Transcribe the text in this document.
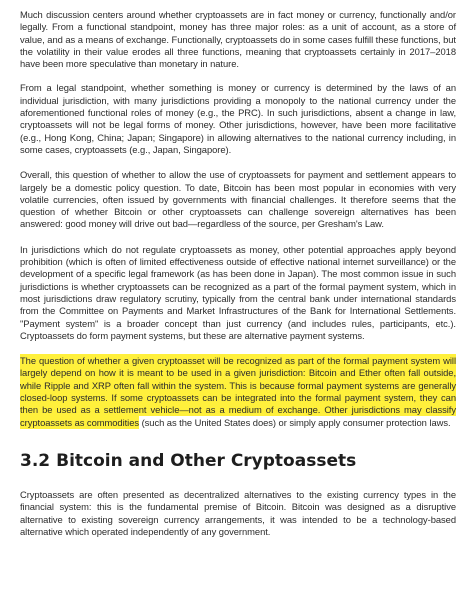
Much discussion centers around whether cryptoassets are in fact money or currency, functionally and/or legally. From a functional standpoint, money has three major roles: as a unit of account, as a store of value, and as a means of exchange. Functionally, cryptoassets do in some cases fulfill these functions, but the volatility in their value erodes all three functions, meaning that cryptoassets certainly in 2017–2018 have been more speculative than monetary in nature.

From a legal standpoint, whether something is money or currency is determined by the laws of an individual jurisdiction, with many jurisdictions providing a monopoly to the national currency under the aforementioned functional roles of money (e.g., the PRC). In such jurisdictions, absent a change in law, cryptoassets will not be legal forms of money. Other jurisdictions, however, have been more facilitative (e.g., Hong Kong, China; Japan; Singapore) in allowing alternatives to the national currency including, in some cases, cryptoassets (e.g., Japan, Singapore).

Overall, this question of whether to allow the use of cryptoassets for payment and settlement appears to largely be a domestic policy question. To date, Bitcoin has been most popular in economies with very volatile currencies, often issued by governments with financial challenges. It therefore seems that the question of whether Bitcoin or other cryptoassets can challenge sovereign alternatives has been answered: good money will drive out bad—regardless of the source, per Gresham's Law.

In jurisdictions which do not regulate cryptoassets as money, other potential approaches apply beyond prohibition (which is often of limited effectiveness outside of effective national internet surveillance) or the development of a specific legal framework (as has been done in Japan). The most common issue in such jurisdictions is whether cryptoassets can be recognized as a part of the formal payment system, which in most jurisdictions draw regulatory scrutiny, typically from the central bank under international standards from the Committee on Payments and Market Infrastructures of the Bank for International Settlements. "Payment system" is a broader concept than just currency (and includes rules, participants, etc.). Cryptoassets do form payment systems, but these are alternative payment systems.

The question of whether a given cryptoasset will be recognized as part of the formal payment system will largely depend on how it is meant to be used in a given jurisdiction: Bitcoin and Ether often fall outside, while Ripple and XRP often fall within the system. This is because formal payment systems are generally closed-loop systems. If some cryptoassets can be integrated into the formal payment system, they can then be used as a settlement vehicle—not as a medium of exchange. Other jurisdictions may classify cryptoassets as commodities (such as the United States does) or simply apply consumer protection laws.

3.2 Bitcoin and Other Cryptoassets

Cryptoassets are often presented as decentralized alternatives to the existing currency types in the financial system: this is the fundamental premise of Bitcoin. Bitcoin was designed as a disruptive alternative to existing sovereign currency arrangements, it was intended to be a technology-based alternative which operated independently of any government.
